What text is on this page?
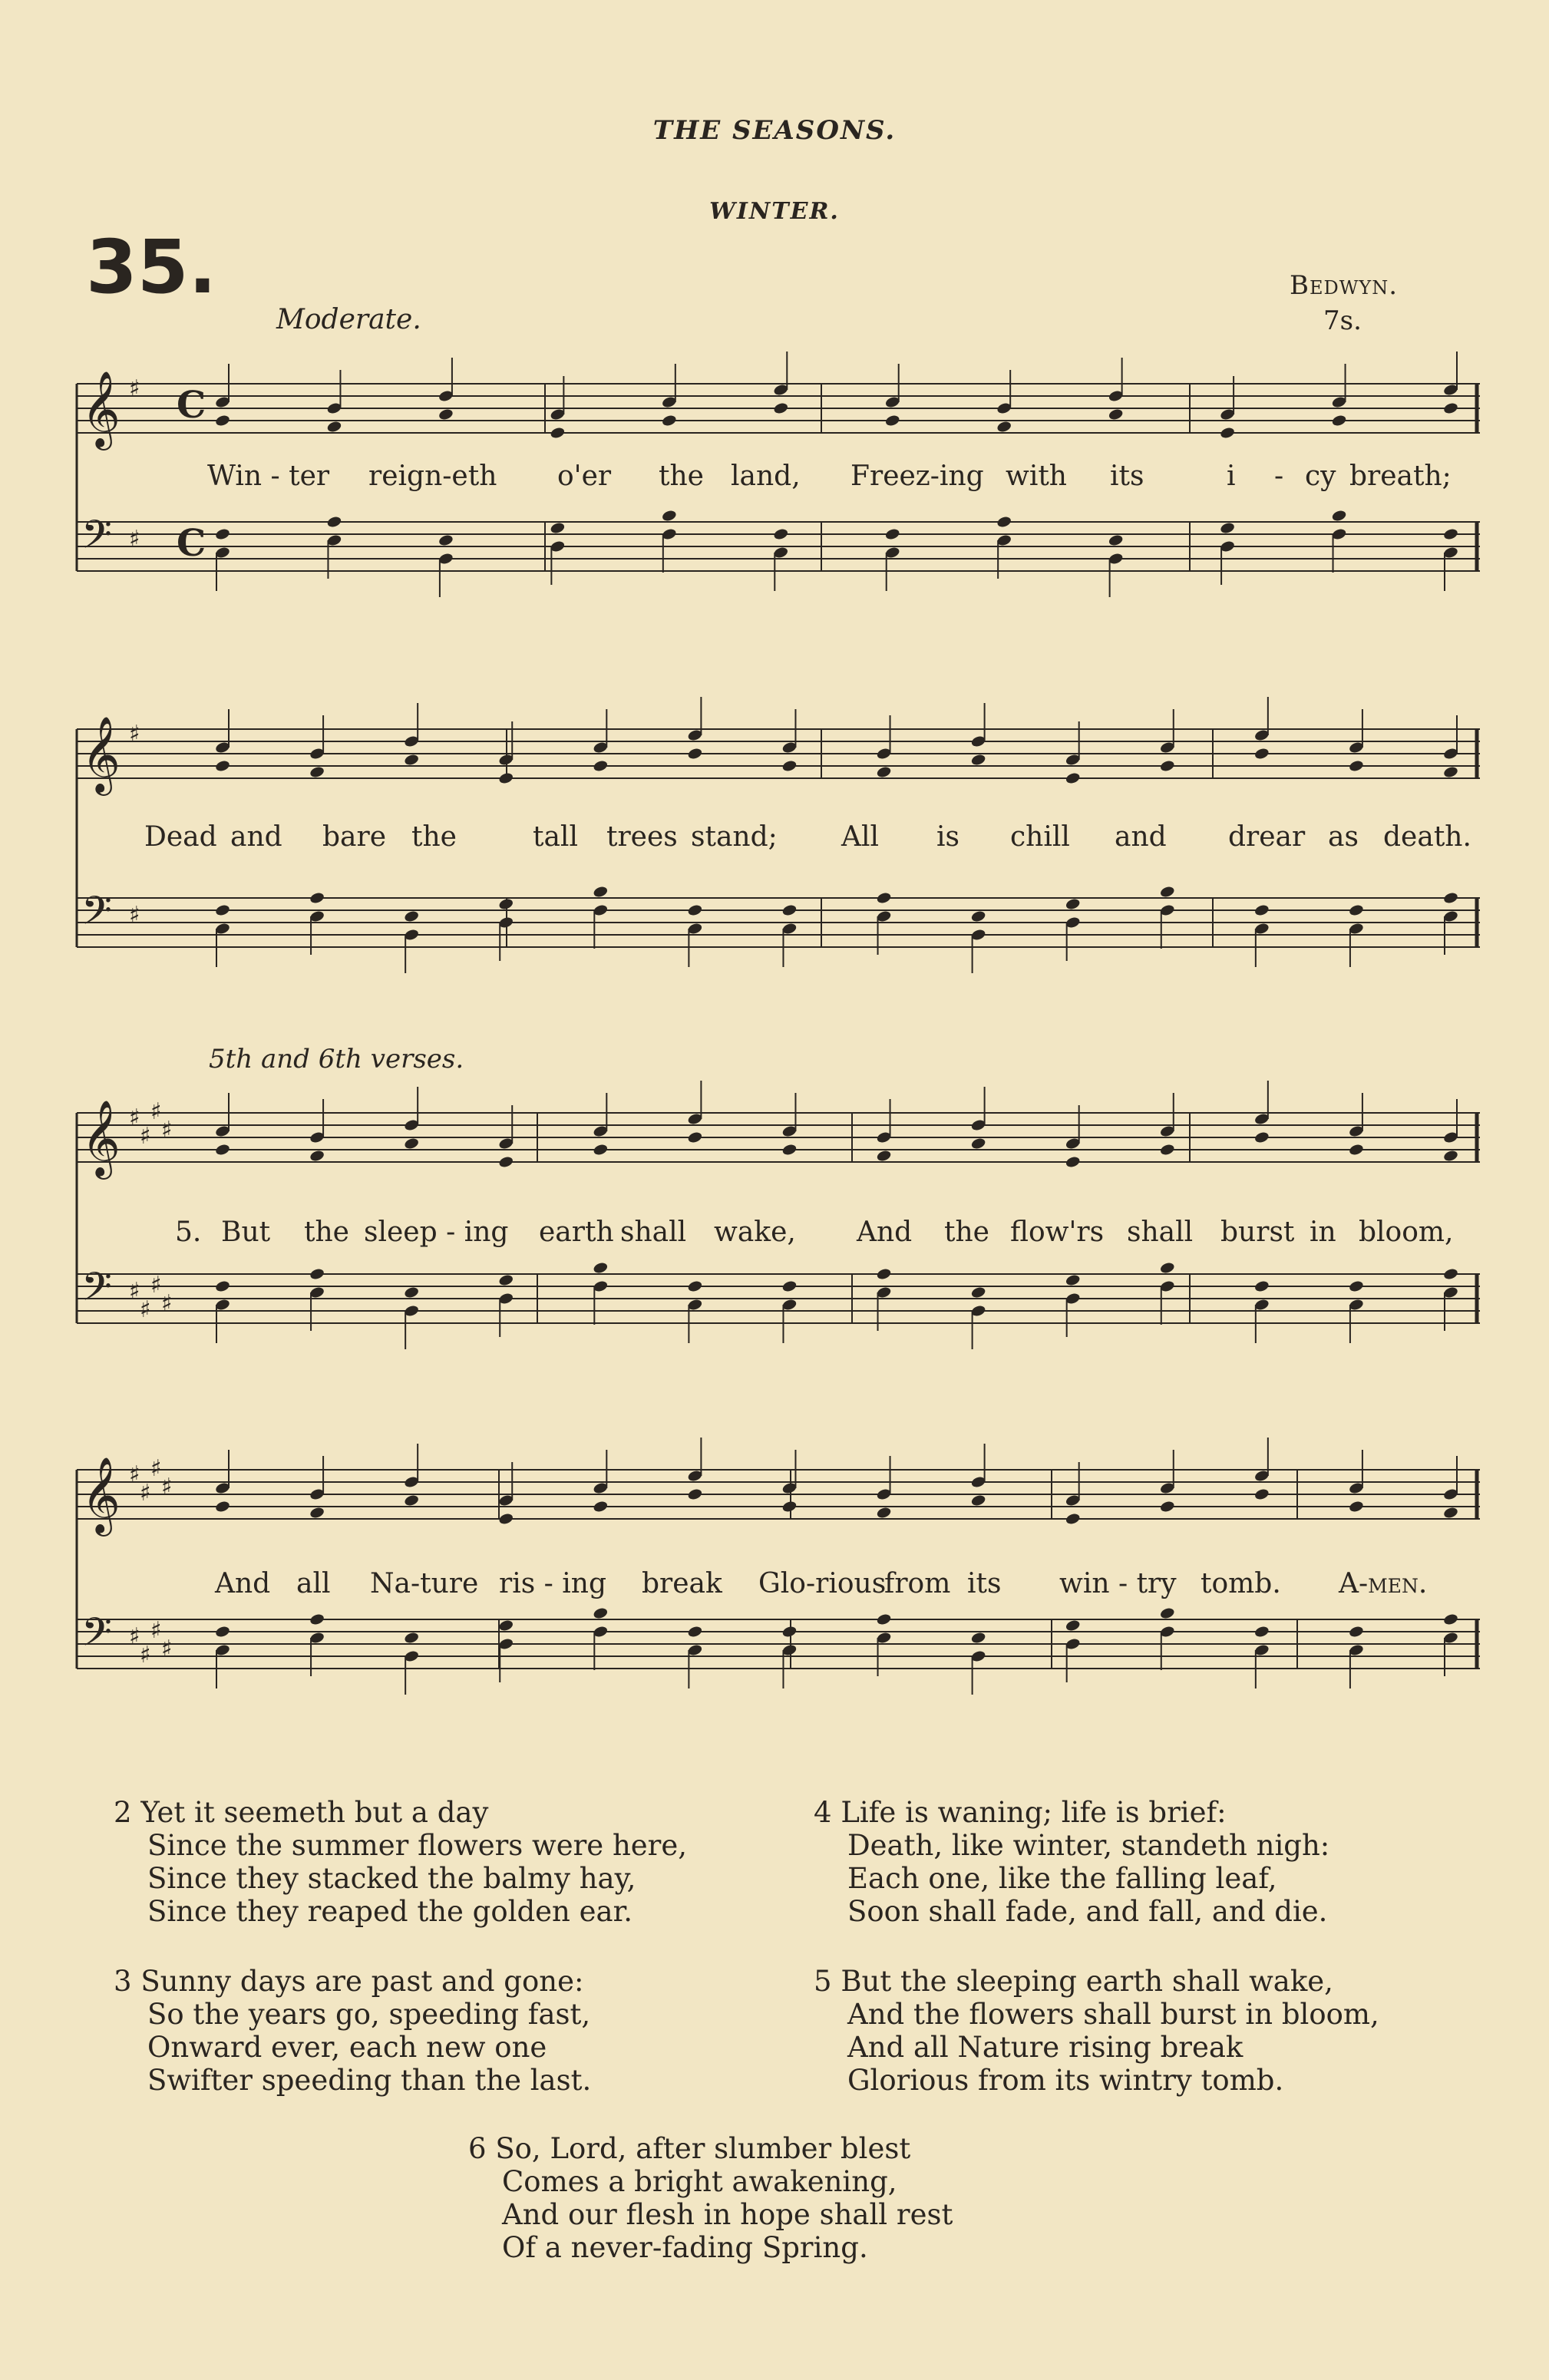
THE SEASONS.
WINTER.
35.
Moderate.
Bedwyn.
7s.
5th and 6th verses.
𝄞 ♯ C
𝄢 ♯ C
Win - ter reign-eth o'er the land, Freez-ing with its	i - cy breath;
𝄞 ♯
𝄢 ♯
Dead and bare the	tall trees stand; All is chill and drear as death.
𝄞 ♯
♯
♯
♯
𝄢 ♯
♯
♯
♯
5. But the sleep - ing earth shall wake, And the flow'rs shall burst in bloom,
𝄞 ♯
♯
♯
♯
𝄢 ♯
♯
♯
♯
And all Na-ture ris - ing break Glo-rious
from its win - try tomb. A-men.
2 Yet it seemeth but a day
Since the summer flowers were here,
Since they stacked the balmy hay,
Since they reaped the golden ear.
4 Life is waning; life is brief:
Death, like winter, standeth nigh:
Each one, like the falling leaf,
Soon shall fade, and fall, and die.
3 Sunny days are past and gone:
So the years go, speeding fast,
Onward ever, each new one
Swifter speeding than the last.
5 But the sleeping earth shall wake,
And the flowers shall burst in bloom,
And all Nature rising break
Glorious from its wintry tomb.
6 So, Lord, after slumber blest
Comes a bright awakening,
And our flesh in hope shall rest
Of a never-fading Spring.
